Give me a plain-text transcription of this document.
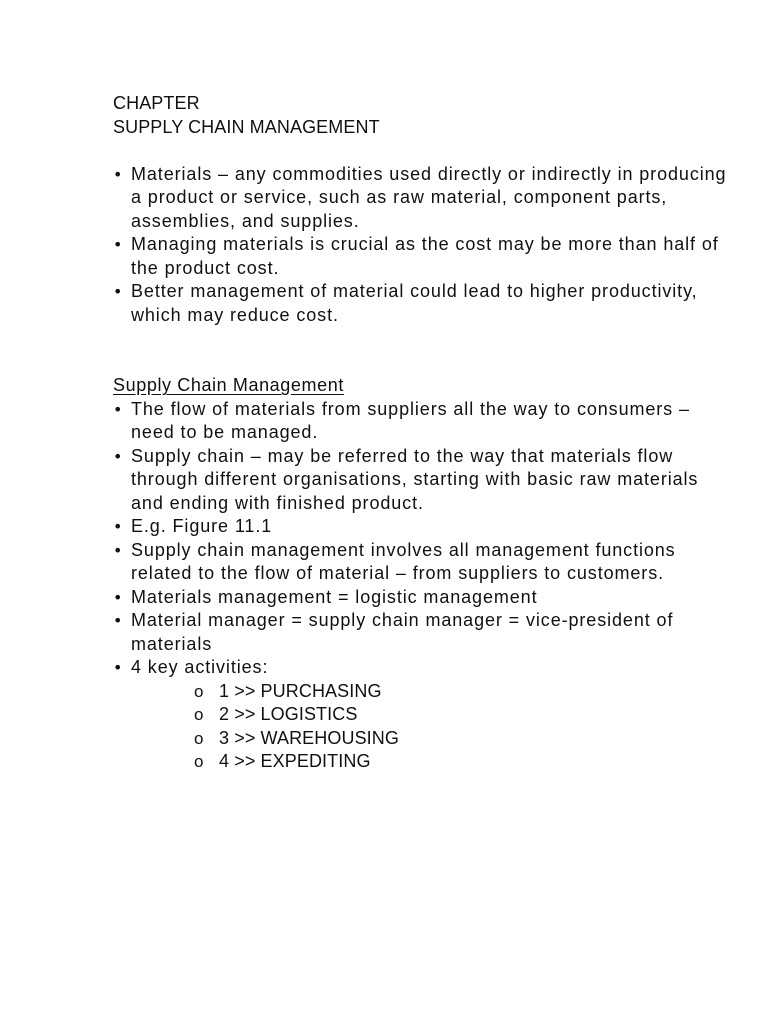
CHAPTER
SUPPLY CHAIN MANAGEMENT
• Materials – any commodities used directly or indirectly in producing a product or service, such as raw material, component parts, assemblies, and supplies.
• Managing materials is crucial as the cost may be more than half of the product cost.
• Better management of material could lead to higher productivity, which may reduce cost.
Supply Chain Management
• The flow of materials from suppliers all the way to consumers – need to be managed.
• Supply chain – may be referred to the way that materials flow through different organisations, starting with basic raw materials and ending with finished product.
• E.g. Figure 11.1
• Supply chain management involves all management functions related to the flow of material – from suppliers to customers.
• Materials management = logistic management
• Material manager = supply chain manager = vice-president of materials
• 4 key activities:
o 1 >> PURCHASING
o 2 >> LOGISTICS
o 3 >> WAREHOUSING
o 4 >> EXPEDITING
